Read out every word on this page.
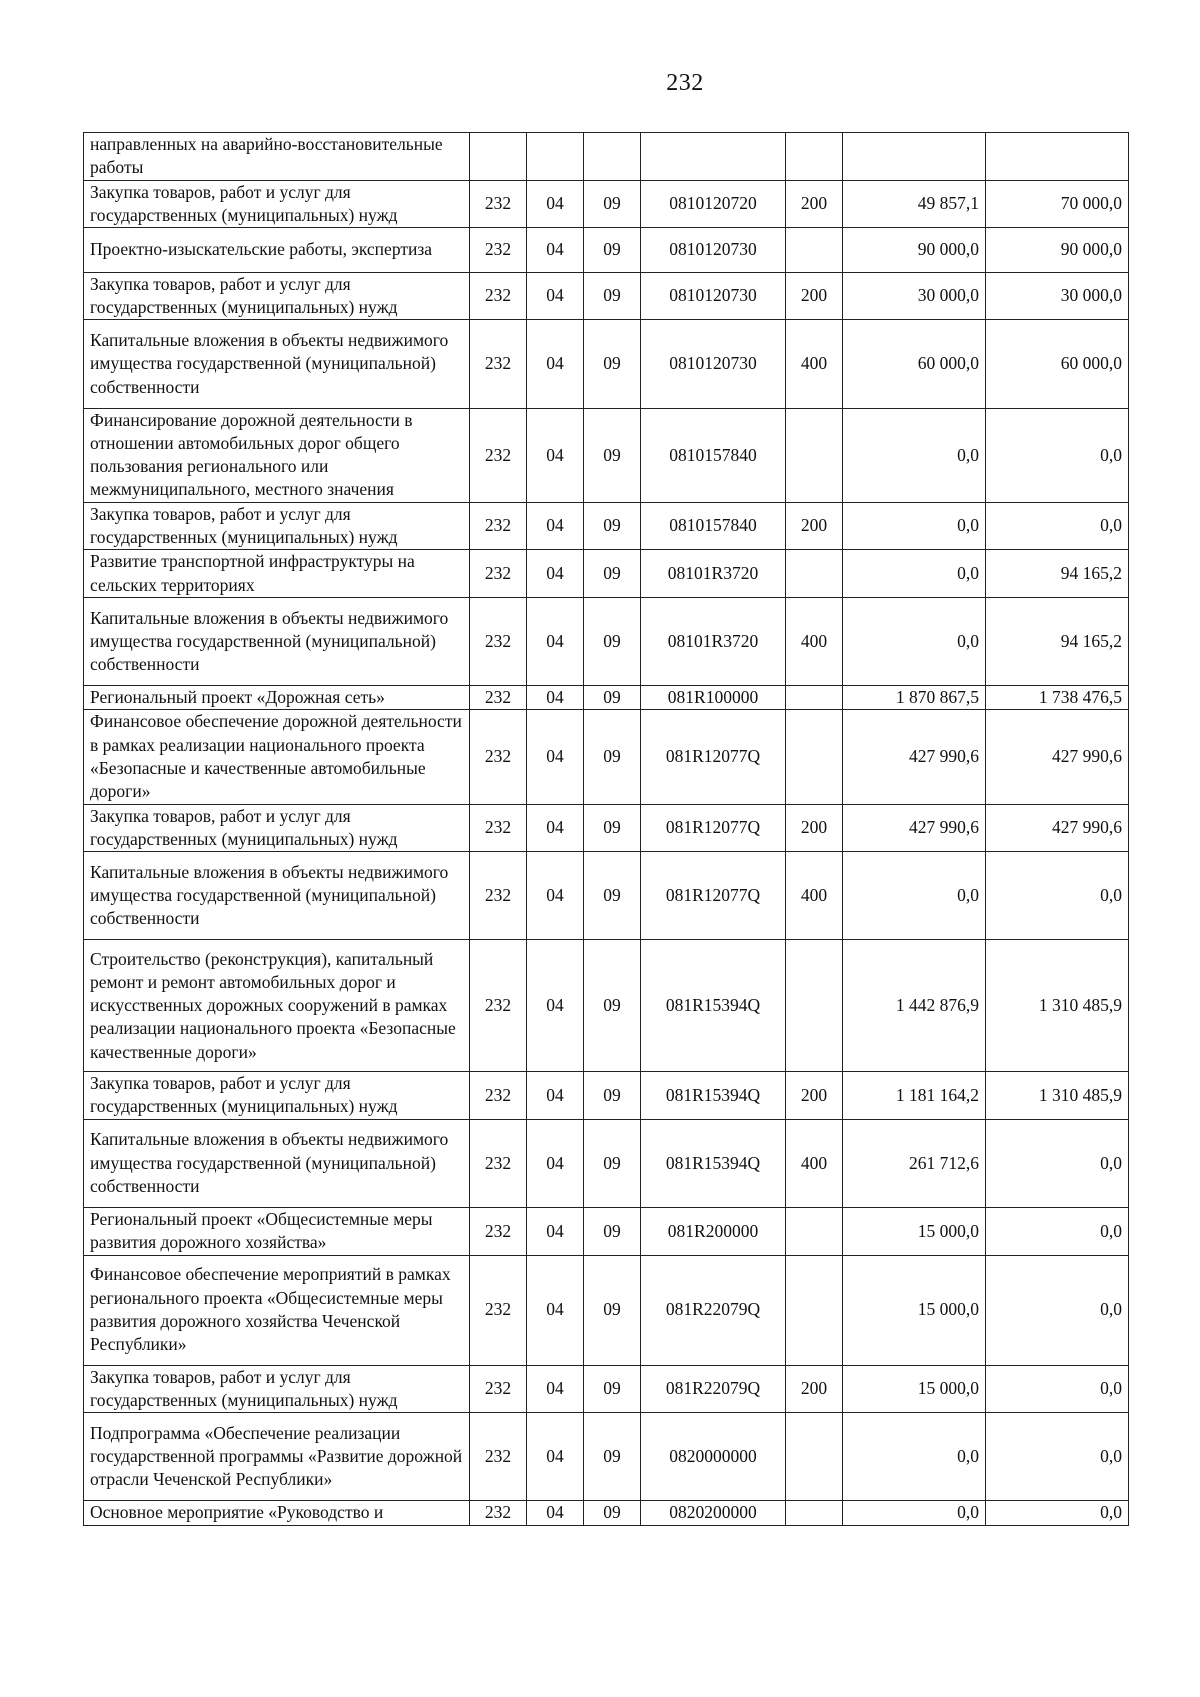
232
направленных на аварийно-восстановительные работы							
Закупка товаров, работ и услуг для государственных (муниципальных) нужд	232	04	09	0810120720	200	49 857,1	70 000,0
Проектно-изыскательские работы, экспертиза	232	04	09	0810120730		90 000,0	90 000,0
Закупка товаров, работ и услуг для государственных (муниципальных) нужд	232	04	09	0810120730	200	30 000,0	30 000,0
Капитальные вложения в объекты недвижимого имущества государственной (муниципальной) собственности	232	04	09	0810120730	400	60 000,0	60 000,0
Финансирование дорожной деятельности в отношении автомобильных дорог общего пользования регионального или межмуниципального, местного значения	232	04	09	0810157840		0,0	0,0
Закупка товаров, работ и услуг для государственных (муниципальных) нужд	232	04	09	0810157840	200	0,0	0,0
Развитие транспортной инфраструктуры на сельских территориях	232	04	09	08101R3720		0,0	94 165,2
Капитальные вложения в объекты недвижимого имущества государственной (муниципальной) собственности	232	04	09	08101R3720	400	0,0	94 165,2
Региональный проект «Дорожная сеть»	232	04	09	081R100000		1 870 867,5	1 738 476,5
Финансовое обеспечение дорожной деятельности в рамках реализации национального проекта «Безопасные и качественные автомобильные дороги»	232	04	09	081R12077Q		427 990,6	427 990,6
Закупка товаров, работ и услуг для государственных (муниципальных) нужд	232	04	09	081R12077Q	200	427 990,6	427 990,6
Капитальные вложения в объекты недвижимого имущества государственной (муниципальной) собственности	232	04	09	081R12077Q	400	0,0	0,0
Строительство (реконструкция), капитальный ремонт и ремонт автомобильных дорог и искусственных дорожных сооружений в рамках реализации национального проекта «Безопасные качественные дороги»	232	04	09	081R15394Q		1 442 876,9	1 310 485,9
Закупка товаров, работ и услуг для государственных (муниципальных) нужд	232	04	09	081R15394Q	200	1 181 164,2	1 310 485,9
Капитальные вложения в объекты недвижимого имущества государственной (муниципальной) собственности	232	04	09	081R15394Q	400	261 712,6	0,0
Региональный проект «Общесистемные меры развития дорожного хозяйства»	232	04	09	081R200000		15 000,0	0,0
Финансовое обеспечение мероприятий в рамках регионального проекта «Общесистемные меры развития дорожного хозяйства Чеченской Республики»	232	04	09	081R22079Q		15 000,0	0,0
Закупка товаров, работ и услуг для государственных (муниципальных) нужд	232	04	09	081R22079Q	200	15 000,0	0,0
Подпрограмма «Обеспечение реализации государственной программы «Развитие дорожной отрасли Чеченской Республики»	232	04	09	0820000000		0,0	0,0
Основное мероприятие «Руководство и	232	04	09	0820200000		0,0	0,0
